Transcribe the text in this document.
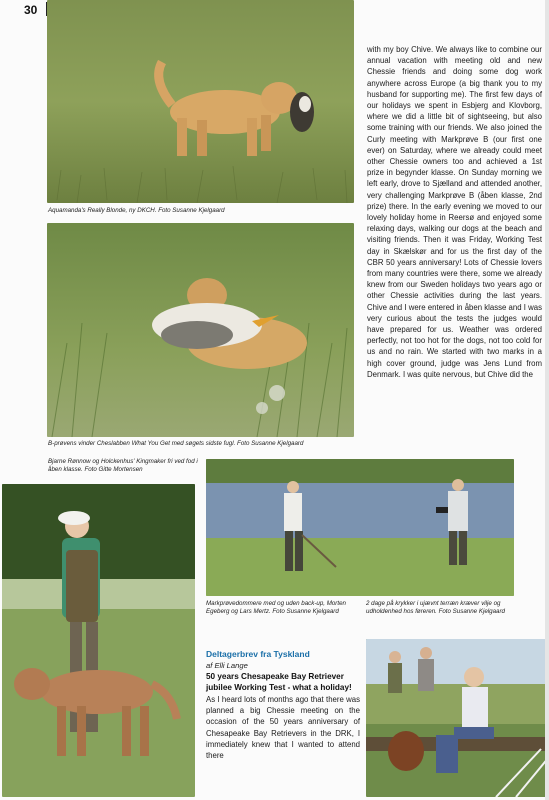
30
Aquamanda's Really Blonde, ny DKCH. Foto Susanne Kjelgaard
B-prøvens vinder Cheslabben What You Get med søgets sidste fugl. Foto Susanne Kjelgaard
Bjarne Rønnow og Holckenhus' Kingmaker fri ved fod i åben klasse. Foto Gitte Mortensen
Markprøvedommere med og uden back-up, Morten Egeberg og Lars Mertz. Foto Susanne Kjelgaard
2 dage på krykker i ujævnt terræn kræver vilje og udholdenhed hos føreren. Foto Susanne Kjelgaard
with my boy Chive. We always like to combine our annual vacation with meeting old and new Chessie friends and doing some dog work anywhere across Europe (a big thank you to my husband for supporting me). The first few days of our holidays we spent in Esbjerg and Klovborg, where we did a little bit of sightseeing, but also some training with our friends. We also joined the Curly meeting with Markprøve B (our first one ever) on Saturday, where we already could meet other Chessie owners too and achieved a 1st prize in begynder klasse. On Sunday morning we left early, drove to Sjælland and attended another, very challenging Markprøve B (åben klasse, 2nd prize) there. In the early evening we moved to our lovely holiday home in Reersø and enjoyed some relaxing days, walking our dogs at the beach and visiting friends. Then it was Friday, Working Test day in Skælskør and for us the first day of the CBR 50 years anniversary! Lots of Chessie lovers from many countries were there, some we already knew from our Sweden holidays two years ago or other Chessie activities during the last years. Chive and I were entered in åben klasse and I was very curious about the tests the judges would have prepared for us. Weather was ordered perfectly, not too hot for the dogs, not too cold for us and no rain. We started with two marks in a high cover ground, judge was Jens Lund from Denmark. I was quite nervous, but Chive did the
Deltagerbrev fra Tyskland
af Elli Lange
50 years Chesapeake Bay Retriever jubilee Working Test - what a holiday!
As I heard lots of months ago that there was planned a big Chessie meeting on the occasion of the 50 years anniversary of Chesapeake Bay Retrievers in the DRK, I immediately knew that I wanted to attend there
